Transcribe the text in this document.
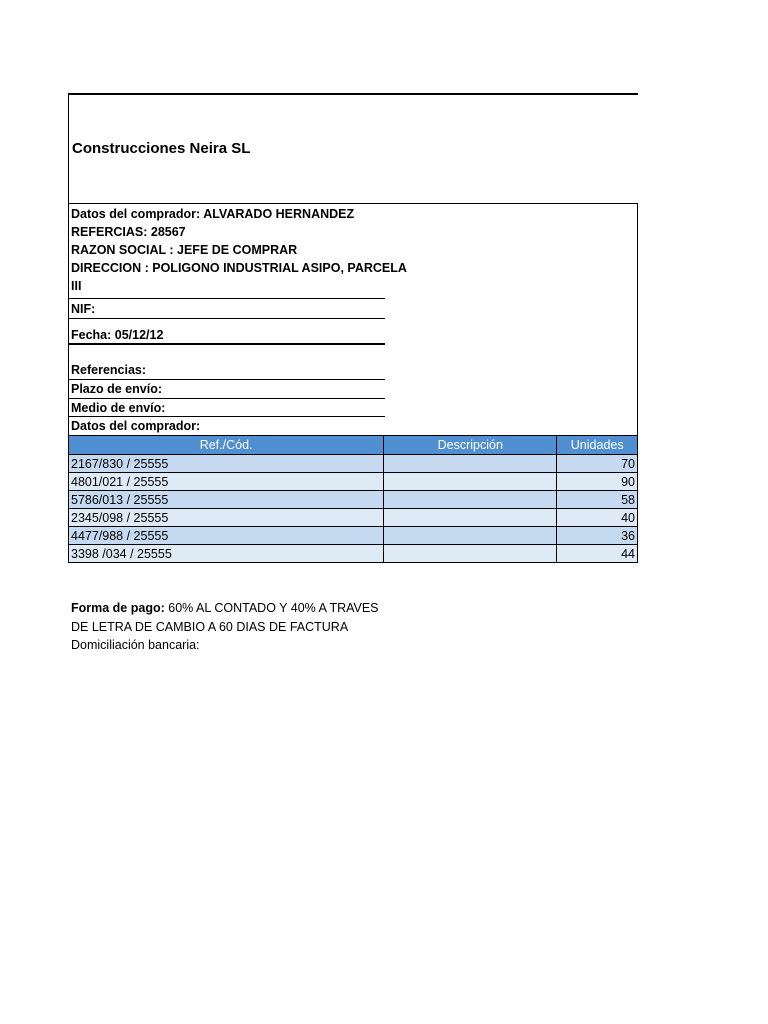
Construcciones Neira SL
Datos del comprador: ALVARADO HERNANDEZ
REFERCIAS: 28567
RAZON SOCIAL : JEFE DE COMPRAR
DIRECCION : POLIGONO INDUSTRIAL ASIPO, PARCELA
III
NIF:
Fecha: 05/12/12
Referencias:
Plazo de envío:
Medio de envío:
Datos del comprador:
Ref./Cód.	Descripción	Unidades
2167/830 / 25555		70
4801/021 / 25555		90
5786/013 / 25555		58
2345/098 / 25555		40
4477/988 / 25555		36
3398 /034 / 25555		44
Forma de pago: 60% AL CONTADO Y 40% A TRAVES DE LETRA DE CAMBIO A 60 DIAS DE FACTURA
Domiciliación bancaria:
